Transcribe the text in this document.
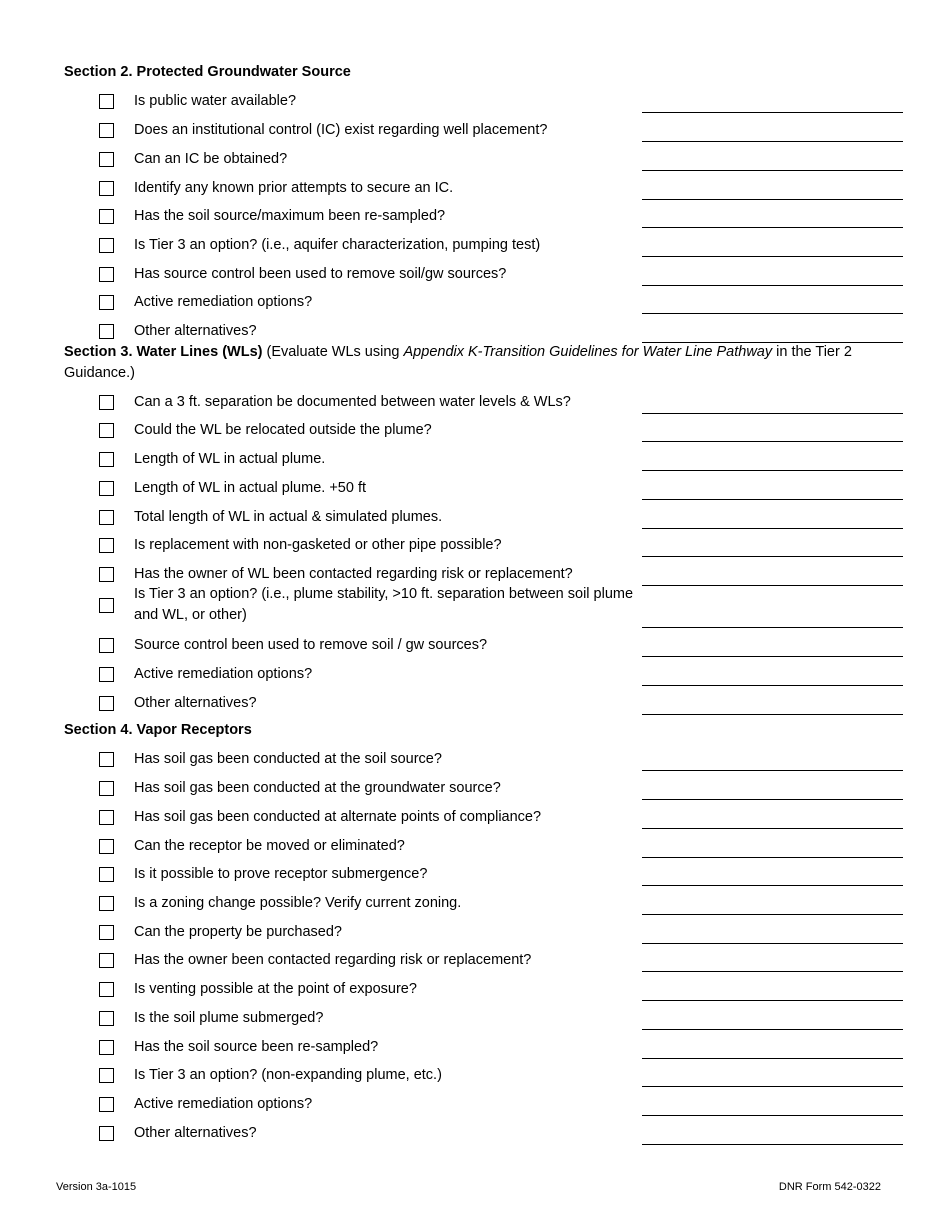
Section 2. Protected Groundwater Source
Is public water available?
Does an institutional control (IC) exist regarding well placement?
Can an IC be obtained?
Identify any known prior attempts to secure an IC.
Has the soil source/maximum been re-sampled?
Is Tier 3 an option? (i.e., aquifer characterization, pumping test)
Has source control been used to remove soil/gw sources?
Active remediation options?
Other alternatives?
Section 3. Water Lines (WLs) (Evaluate WLs using Appendix K-Transition Guidelines for Water Line Pathway in the Tier 2 Guidance.)
Can a 3 ft. separation be documented between water levels & WLs?
Could the WL be relocated outside the plume?
Length of WL in actual plume.
Length of WL in actual plume. +50 ft
Total length of WL in actual & simulated plumes.
Is replacement with non-gasketed or other pipe possible?
Has the owner of WL been contacted regarding risk or replacement?
Is Tier 3 an option? (i.e., plume stability, >10 ft. separation between soil plume and WL, or other)
Source control been used to remove soil / gw sources?
Active remediation options?
Other alternatives?
Section 4. Vapor Receptors
Has soil gas been conducted at the soil source?
Has soil gas been conducted at the groundwater source?
Has soil gas been conducted at alternate points of compliance?
Can the receptor be moved or eliminated?
Is it possible to prove receptor submergence?
Is a zoning change possible? Verify current zoning.
Can the property be purchased?
Has the owner been contacted regarding risk or replacement?
Is venting possible at the point of exposure?
Is the soil plume submerged?
Has the soil source been re-sampled?
Is Tier 3 an option? (non-expanding plume, etc.)
Active remediation options?
Other alternatives?
Version 3a-1015	DNR Form 542-0322
